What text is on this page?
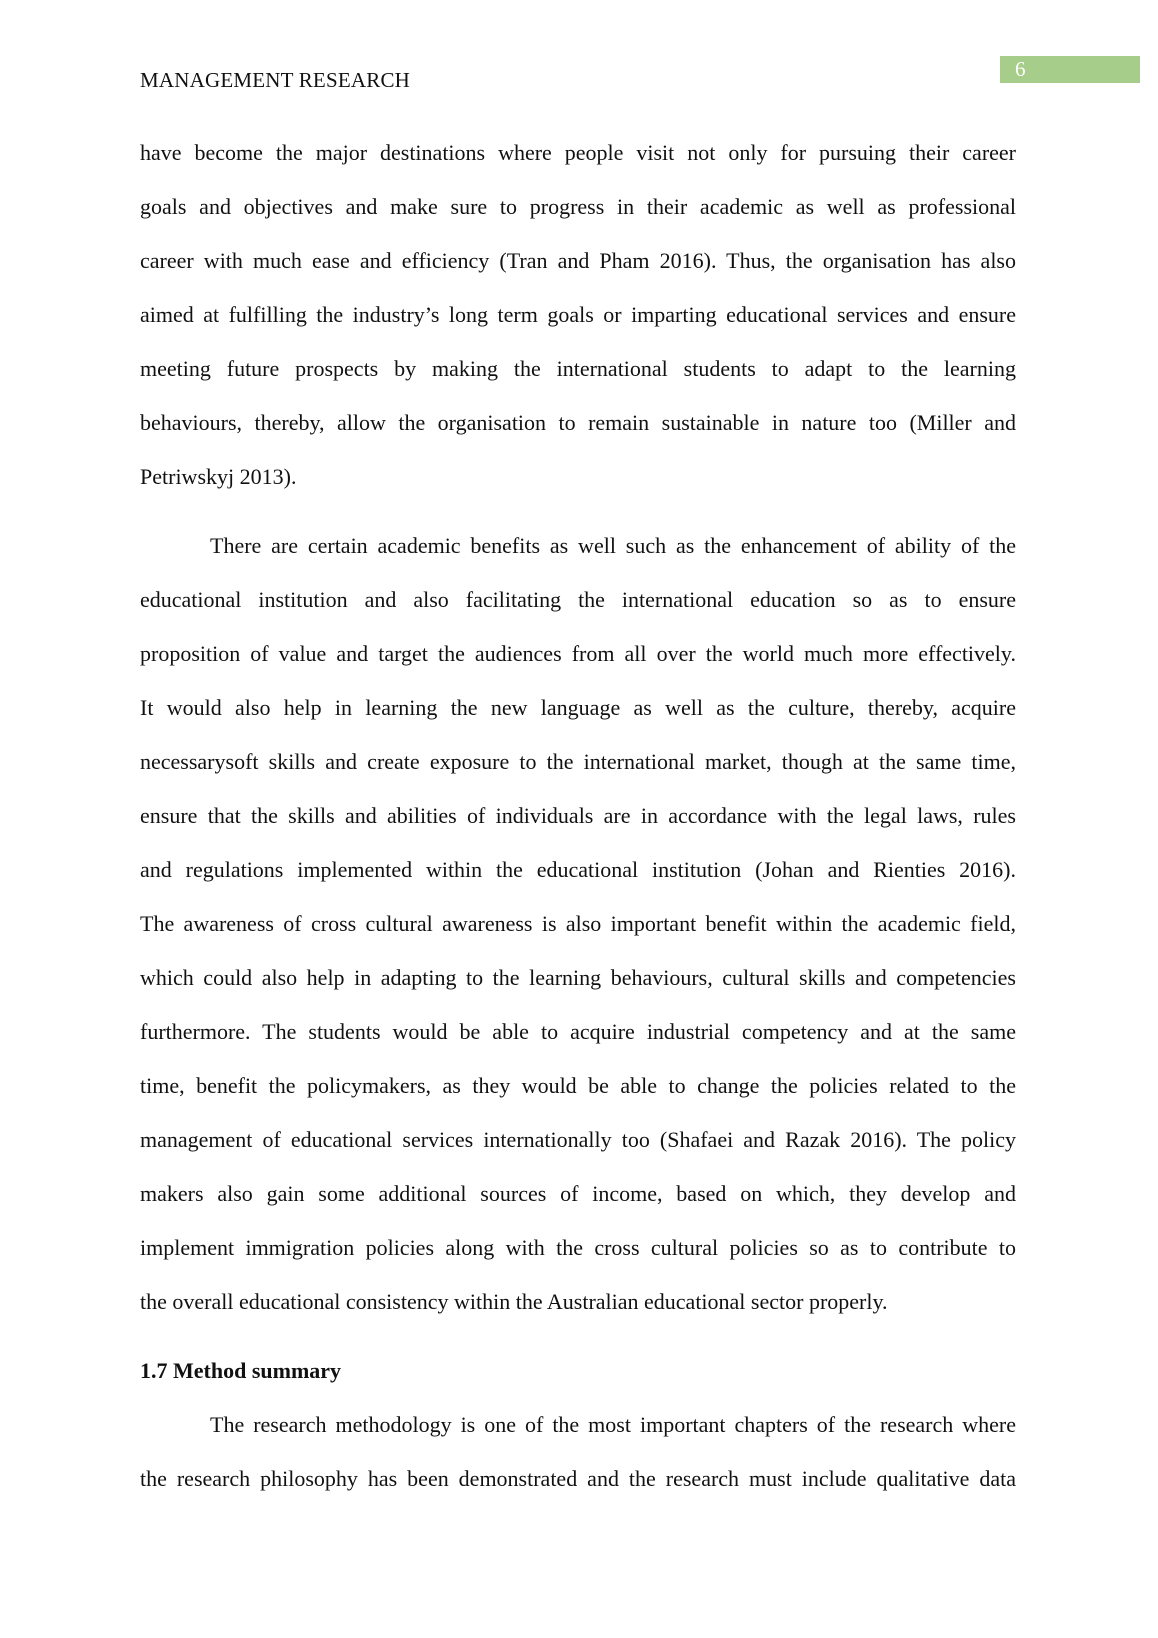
MANAGEMENT RESEARCH	6
have become the major destinations where people visit not only for pursuing their career
goals and objectives and make sure to progress in their academic as well as professional
career with much ease and efficiency (Tran and Pham 2016). Thus, the organisation has also
aimed at fulfilling the industry’s long term goals or imparting educational services and ensure
meeting future prospects by making the international students to adapt to the learning
behaviours, thereby, allow the organisation to remain sustainable in nature too (Miller and
Petriwskyj 2013).
There are certain academic benefits as well such as the enhancement of ability of the
educational institution and also facilitating the international education so as to ensure
proposition of value and target the audiences from all over the world much more effectively.
It would also help in learning the new language as well as the culture, thereby, acquire
necessarysoft skills and create exposure to the international market, though at the same time,
ensure that the skills and abilities of individuals are in accordance with the legal laws, rules
and regulations implemented within the educational institution (Johan and Rienties 2016).
The awareness of cross cultural awareness is also important benefit within the academic field,
which could also help in adapting to the learning behaviours, cultural skills and competencies
furthermore. The students would be able to acquire industrial competency and at the same
time, benefit the policymakers, as they would be able to change the policies related to the
management of educational services internationally too (Shafaei and Razak 2016). The policy
makers also gain some additional sources of income, based on which, they develop and
implement immigration policies along with the cross cultural policies so as to contribute to
the overall educational consistency within the Australian educational sector properly.
1.7 Method summary
The research methodology is one of the most important chapters of the research where
the research philosophy has been demonstrated and the research must include qualitative data
